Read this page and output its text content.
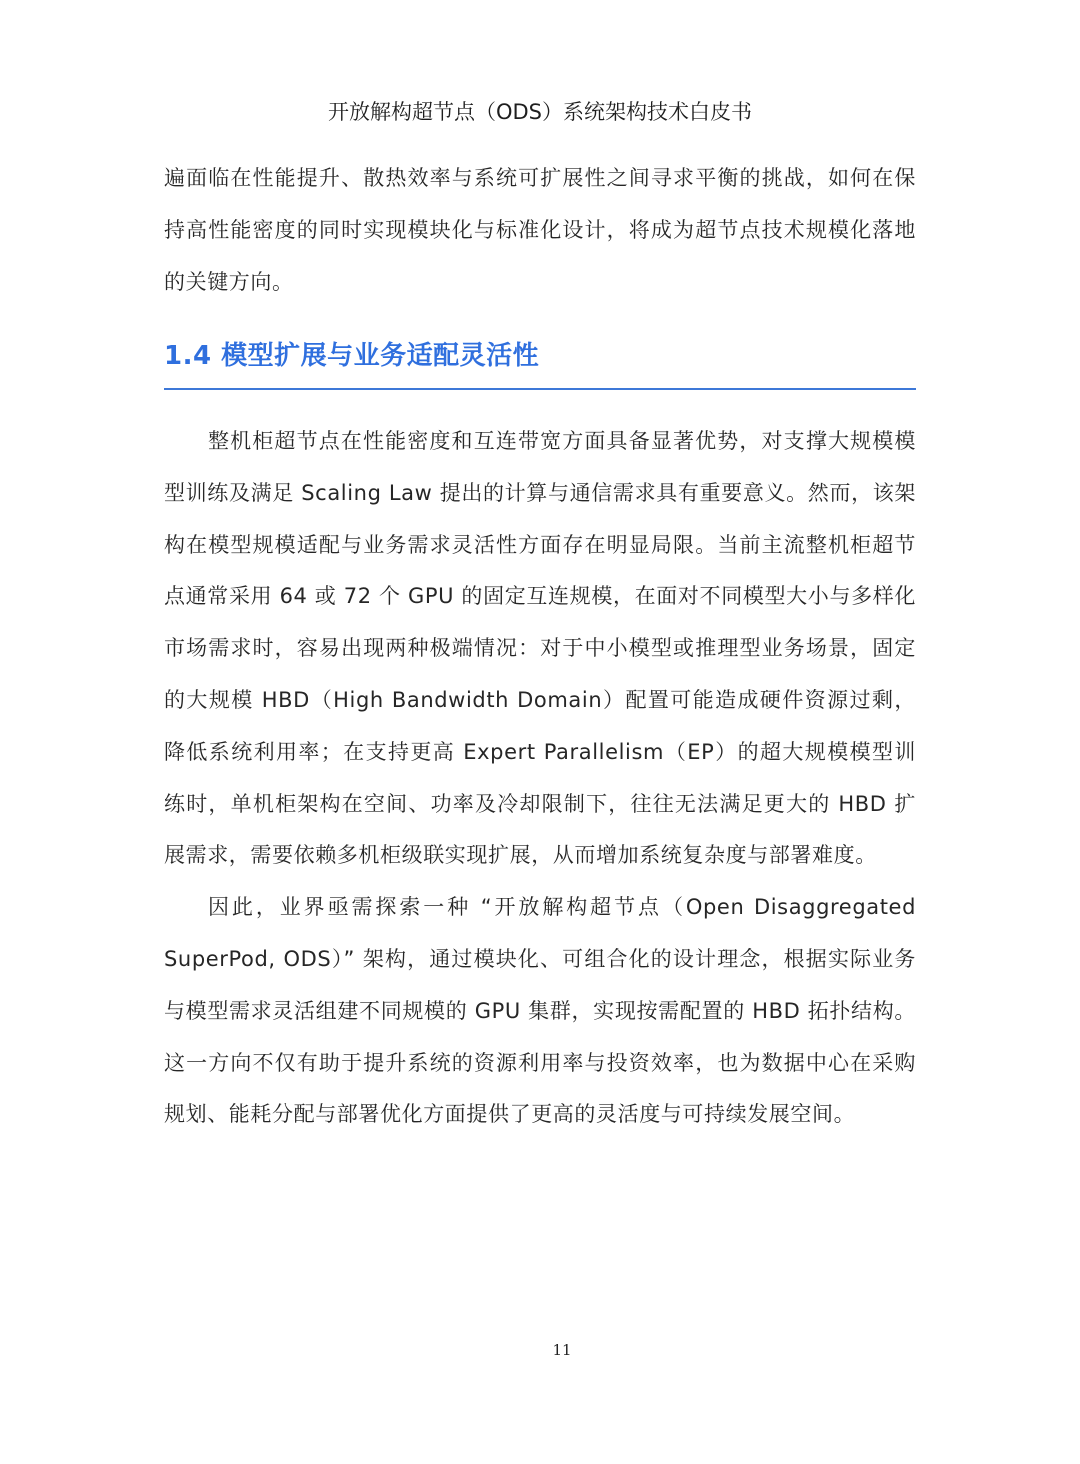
开放解构超节点（ODS）系统架构技术白皮书

遍面临在性能提升、散热效率与系统可扩展性之间寻求平衡的挑战，如何在保持高性能密度的同时实现模块化与标准化设计，将成为超节点技术规模化落地的关键方向。

1.4 模型扩展与业务适配灵活性

整机柜超节点在性能密度和互连带宽方面具备显著优势，对支撑大规模模型训练及满足 Scaling Law 提出的计算与通信需求具有重要意义。然而，该架构在模型规模适配与业务需求灵活性方面存在明显局限。当前主流整机柜超节点通常采用 64 或 72 个 GPU 的固定互连规模，在面对不同模型大小与多样化市场需求时，容易出现两种极端情况：对于中小模型或推理型业务场景，固定的大规模 HBD（High Bandwidth Domain）配置可能造成硬件资源过剩，降低系统利用率；在支持更高 Expert Parallelism（EP）的超大规模模型训练时，单机柜架构在空间、功率及冷却限制下，往往无法满足更大的 HBD 扩展需求，需要依赖多机柜级联实现扩展，从而增加系统复杂度与部署难度。

因此，业界亟需探索一种 “开放解构超节点（Open Disaggregated SuperPod, ODS）” 架构，通过模块化、可组合化的设计理念，根据实际业务与模型需求灵活组建不同规模的 GPU 集群，实现按需配置的 HBD 拓扑结构。这一方向不仅有助于提升系统的资源利用率与投资效率，也为数据中心在采购规划、能耗分配与部署优化方面提供了更高的灵活度与可持续发展空间。

11
